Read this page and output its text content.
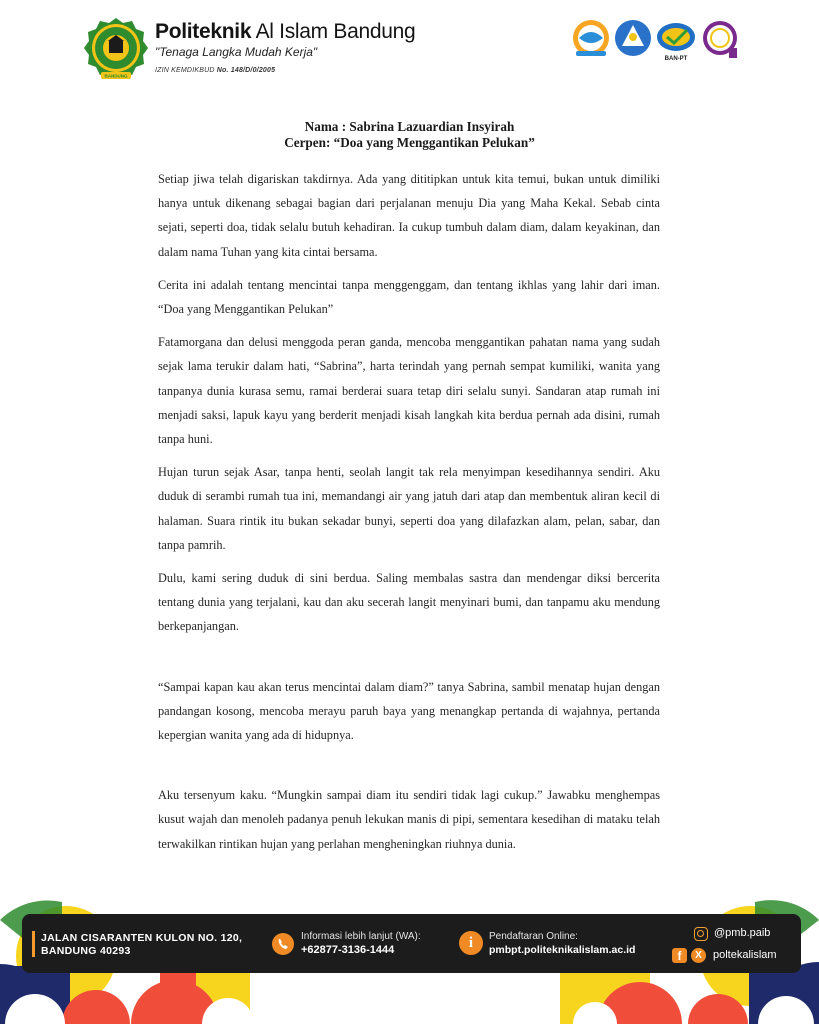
BANDUNG
Politeknik Al Islam Bandung
"Tenaga Langka Mudah Kerja"
IZIN KEMDIKBUD No. 148/D/0/2005
BAN-PT
Nama : Sabrina Lazuardian Insyirah
Cerpen: “Doa yang Menggantikan Pelukan”

Setiap jiwa telah digariskan takdirnya. Ada yang dititipkan untuk kita temui, bukan untuk dimiliki hanya untuk dikenang sebagai bagian dari perjalanan menuju Dia yang Maha Kekal. Sebab cinta sejati, seperti doa, tidak selalu butuh kehadiran. Ia cukup tumbuh dalam diam, dalam keyakinan, dan dalam nama Tuhan yang kita cintai bersama.

Cerita ini adalah tentang mencintai tanpa menggenggam, dan tentang ikhlas yang lahir dari iman. “Doa yang Menggantikan Pelukan”

Fatamorgana dan delusi menggoda peran ganda, mencoba menggantikan pahatan nama yang sudah sejak lama terukir dalam hati, “Sabrina”, harta terindah yang pernah sempat kumiliki, wanita yang tanpanya dunia kurasa semu, ramai berderai suara tetap diri selalu sunyi. Sandaran atap rumah ini menjadi saksi, lapuk kayu yang berderit menjadi kisah langkah kita berdua pernah ada disini, rumah tanpa huni.

Hujan turun sejak Asar, tanpa henti, seolah langit tak rela menyimpan kesedihannya sendiri. Aku duduk di serambi rumah tua ini, memandangi air yang jatuh dari atap dan membentuk aliran kecil di halaman. Suara rintik itu bukan sekadar bunyi, seperti doa yang dilafazkan alam, pelan, sabar, dan tanpa pamrih.

Dulu, kami sering duduk di sini berdua. Saling membalas sastra dan mendengar diksi bercerita tentang dunia yang terjalani, kau dan aku secerah langit menyinari bumi, dan tanpamu aku mendung berkepanjangan.

“Sampai kapan kau akan terus mencintai dalam diam?” tanya Sabrina, sambil menatap hujan dengan pandangan kosong, mencoba merayu paruh baya yang menangkap pertanda di wajahnya, pertanda kepergian wanita yang ada di hidupnya.

Aku tersenyum kaku. “Mungkin sampai diam itu sendiri tidak lagi cukup.” Jawabku menghempas kusut wajah dan menoleh padanya penuh lekukan manis di pipi, sementara kesedihan di mataku telah terwakilkan rintikan hujan yang perlahan mengheningkan riuhnya dunia.

JALAN CISARANTEN KULON NO. 120,
BANDUNG 40293
Informasi lebih lanjut (WA):
+62877-3136-1444	i	Pendaftaran Online:
pmbpt.politeknikalislam.ac.id
@pmb.paib
f	X	poltekalislam
